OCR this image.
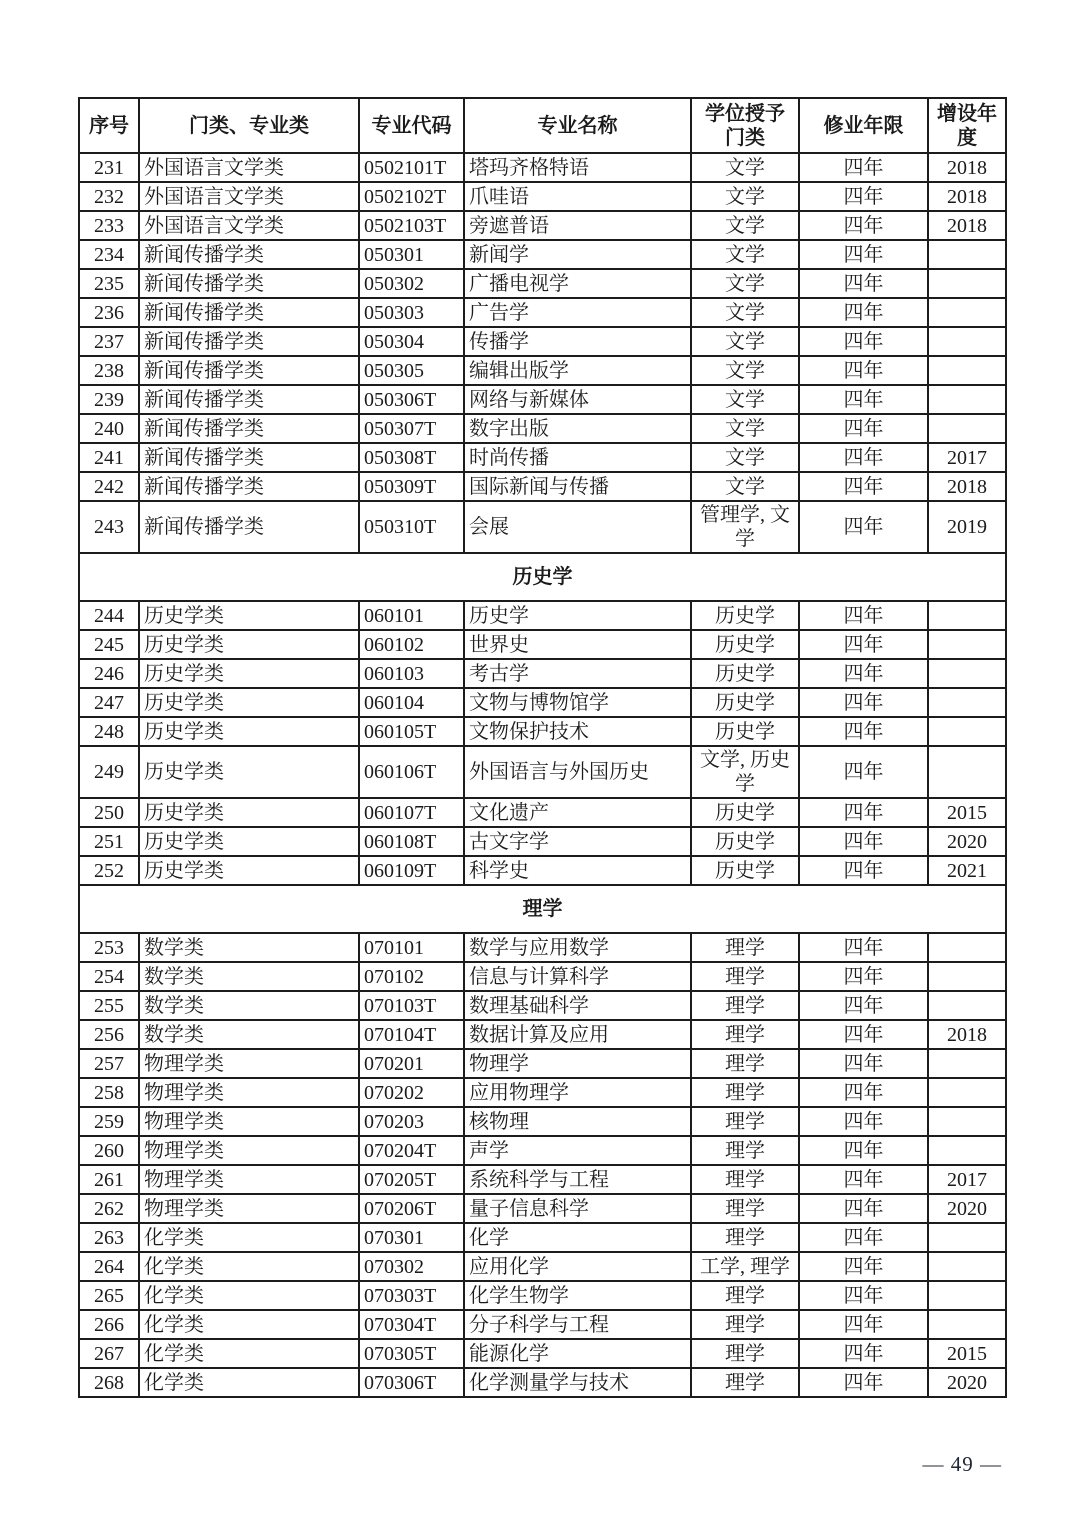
序号	门类、专业类	专业代码	专业名称	学位授予门类	修业年限	增设年度
231	外国语言文学类	0502101T	塔玛齐格特语	文学	四年	2018
232	外国语言文学类	0502102T	爪哇语	文学	四年	2018
233	外国语言文学类	0502103T	旁遮普语	文学	四年	2018
234	新闻传播学类	050301	新闻学	文学	四年	
235	新闻传播学类	050302	广播电视学	文学	四年	
236	新闻传播学类	050303	广告学	文学	四年	
237	新闻传播学类	050304	传播学	文学	四年	
238	新闻传播学类	050305	编辑出版学	文学	四年	
239	新闻传播学类	050306T	网络与新媒体	文学	四年	
240	新闻传播学类	050307T	数字出版	文学	四年	
241	新闻传播学类	050308T	时尚传播	文学	四年	2017
242	新闻传播学类	050309T	国际新闻与传播	文学	四年	2018
243	新闻传播学类	050310T	会展	管理学, 文学	四年	2019
历史学						
244	历史学类	060101	历史学	历史学	四年	
245	历史学类	060102	世界史	历史学	四年	
246	历史学类	060103	考古学	历史学	四年	
247	历史学类	060104	文物与博物馆学	历史学	四年	
248	历史学类	060105T	文物保护技术	历史学	四年	
249	历史学类	060106T	外国语言与外国历史	文学, 历史学	四年	
250	历史学类	060107T	文化遗产	历史学	四年	2015
251	历史学类	060108T	古文字学	历史学	四年	2020
252	历史学类	060109T	科学史	历史学	四年	2021
理学						
253	数学类	070101	数学与应用数学	理学	四年	
254	数学类	070102	信息与计算科学	理学	四年	
255	数学类	070103T	数理基础科学	理学	四年	
256	数学类	070104T	数据计算及应用	理学	四年	2018
257	物理学类	070201	物理学	理学	四年	
258	物理学类	070202	应用物理学	理学	四年	
259	物理学类	070203	核物理	理学	四年	
260	物理学类	070204T	声学	理学	四年	
261	物理学类	070205T	系统科学与工程	理学	四年	2017
262	物理学类	070206T	量子信息科学	理学	四年	2020
263	化学类	070301	化学	理学	四年	
264	化学类	070302	应用化学	工学, 理学	四年	
265	化学类	070303T	化学生物学	理学	四年	
266	化学类	070304T	分子科学与工程	理学	四年	
267	化学类	070305T	能源化学	理学	四年	2015
268	化学类	070306T	化学测量学与技术	理学	四年	2020
— 49 —
